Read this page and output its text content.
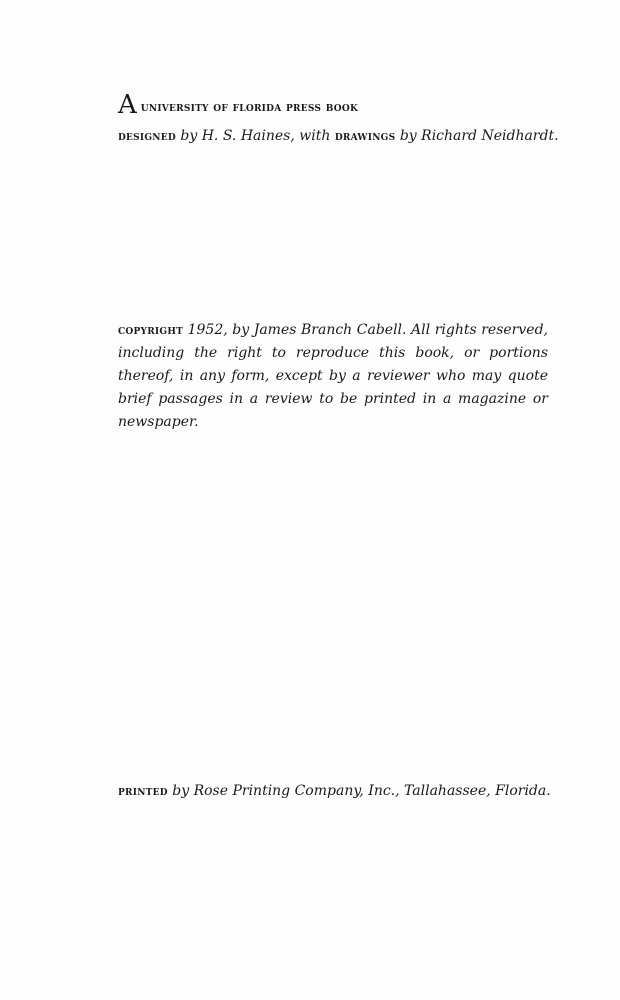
A university of florida press book
designed by H. S. Haines, with drawings by Richard Neidhardt.
copyright 1952, by James Branch Cabell. All rights reserved, including the right to reproduce this book, or portions thereof, in any form, except by a reviewer who may quote brief passages in a review to be printed in a magazine or newspaper.
printed by Rose Printing Company, Inc., Tallahassee, Florida.
